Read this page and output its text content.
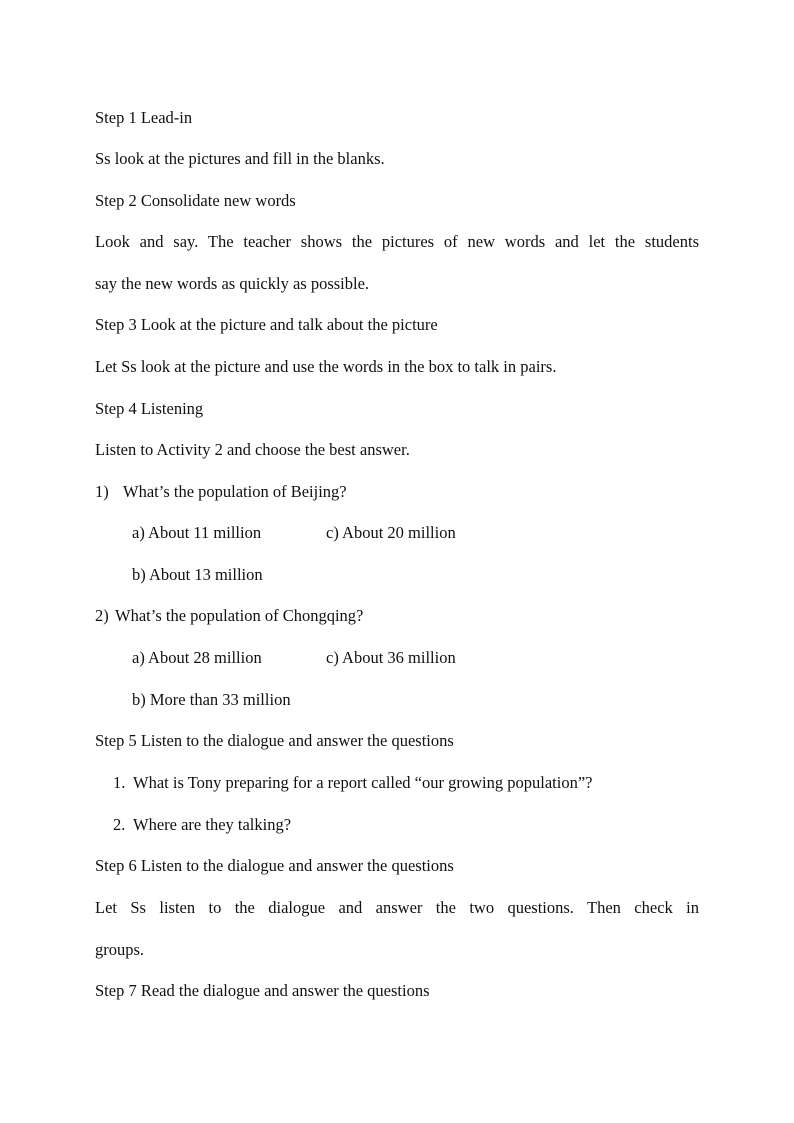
Step 1 Lead-in
Ss look at the pictures and fill in the blanks.
Step 2 Consolidate new words
Look and say. The teacher shows the pictures of new words and let the students
say the new words as quickly as possible.
Step 3 Look at the picture and talk about the picture
Let Ss look at the picture and use the words in the box to talk in pairs.
Step 4 Listening
Listen to Activity 2 and choose the best answer.
1) What’s the population of Beijing?
a) About 11 million	c) About 20 million
b) About 13 million
2) What’s the population of Chongqing?
a) About 28 million	c) About 36 million
b) More than 33 million
Step 5 Listen to the dialogue and answer the questions
1. What is Tony preparing for a report called “our growing population”?
2. Where are they talking?
Step 6 Listen to the dialogue and answer the questions
Let Ss listen to the dialogue and answer the two questions. Then check in
groups.
Step 7 Read the dialogue and answer the questions
